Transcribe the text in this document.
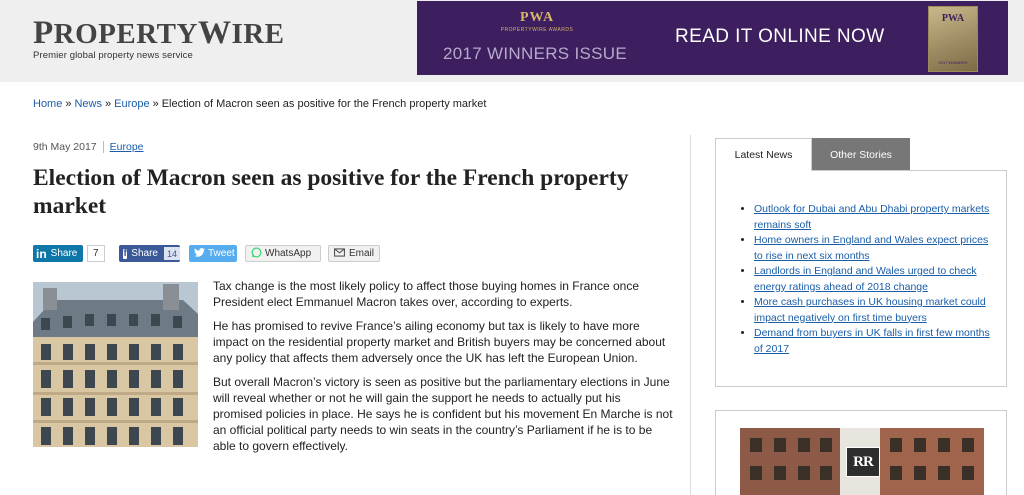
PROPERTYWIRE
Premier global property news service
PWA
PROPERTYWIRE AWARDS
2017 WINNERS ISSUE
READ IT ONLINE NOW
PWA
2017 WINNERS
Home » News » Europe » Election of Macron seen as positive for the French property market
9th May 2017 Europe
Election of Macron seen as positive for the French property market
in Share	7	f Share	14	Tweet	WhatsApp	Email

Tax change is the most likely policy to affect those buying homes in France once President elect Emmanuel Macron takes over, according to experts.

He has promised to revive France’s ailing economy but tax is likely to have more impact on the residential property market and British buyers may be concerned about any policy that affects them adversely once the UK has left the European Union.

But overall Macron’s victory is seen as positive but the parliamentary elections in June will reveal whether or not he will gain the support he needs to actually put his promised policies in place. He says he is confident but his movement En Marche is not an official political party needs to win seats in the country’s Parliament if he is to be able to govern effectively.

Latest News	Other Stories
• Outlook for Dubai and Abu Dhabi property markets remains soft
• Home owners in England and Wales expect prices to rise in next six months
• Landlords in England and Wales urged to check energy ratings ahead of 2018 change
• More cash purchases in UK housing market could impact negatively on first time buyers
• Demand from buyers in UK falls in first few months of 2017
RR
